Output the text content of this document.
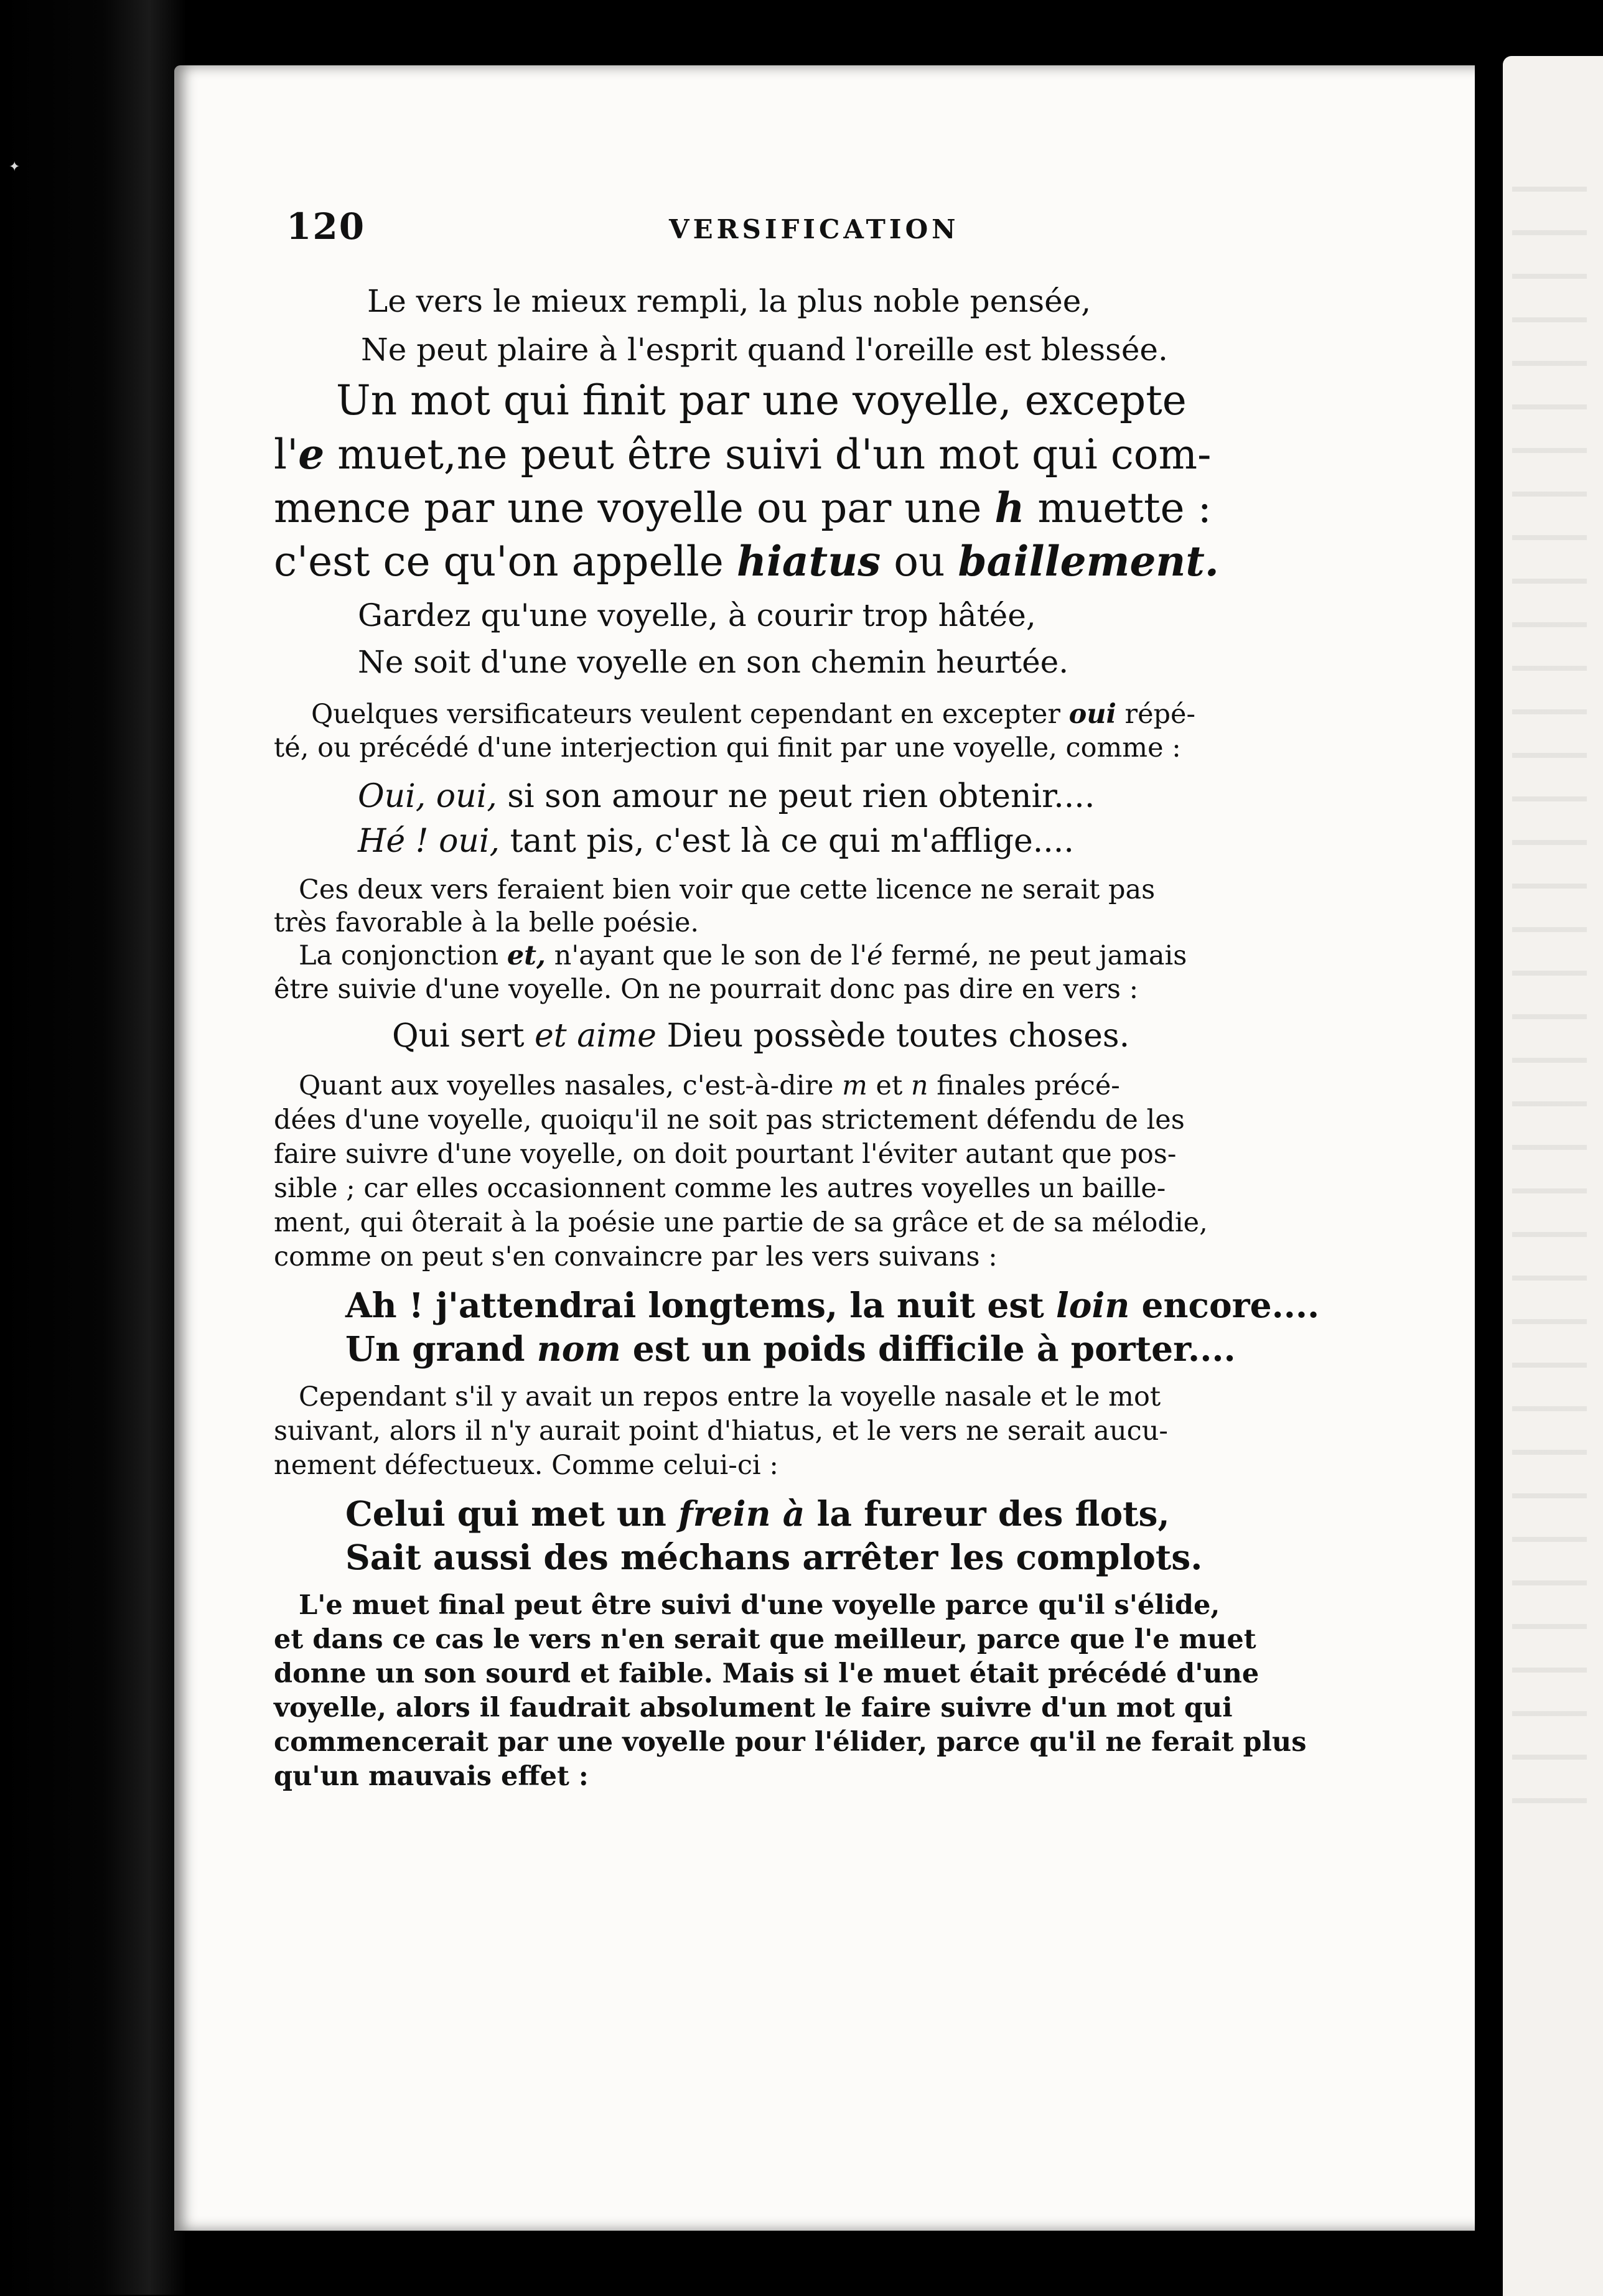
✦
120	VERSIFICATION
Le vers le mieux rempli, la plus noble pensée,
Ne peut plaire à l'esprit quand l'oreille est blessée.
Un mot qui finit par une voyelle, excepte
l'e muet,ne peut être suivi d'un mot qui com-
mence par une voyelle ou par une h muette :
c'est ce qu'on appelle hiatus ou baillement.
Gardez qu'une voyelle, à courir trop hâtée,
Ne soit d'une voyelle en son chemin heurtée.
Quelques versificateurs veulent cependant en excepter oui répé-
té, ou précédé d'une interjection qui finit par une voyelle, comme :
Oui, oui, si son amour ne peut rien obtenir....
Hé ! oui, tant pis, c'est là ce qui m'afflige....
Ces deux vers feraient bien voir que cette licence ne serait pas
très favorable à la belle poésie.
La conjonction et, n'ayant que le son de l'é fermé, ne peut jamais
être suivie d'une voyelle. On ne pourrait donc pas dire en vers :
Qui sert et aime Dieu possède toutes choses.
Quant aux voyelles nasales, c'est-à-dire m et n finales précé-
dées d'une voyelle, quoiqu'il ne soit pas strictement défendu de les
faire suivre d'une voyelle, on doit pourtant l'éviter autant que pos-
sible ; car elles occasionnent comme les autres voyelles un baille-
ment, qui ôterait à la poésie une partie de sa grâce et de sa mélodie,
comme on peut s'en convaincre par les vers suivans :
Ah ! j'attendrai longtems, la nuit est loin encore....
Un grand nom est un poids difficile à porter....
Cependant s'il y avait un repos entre la voyelle nasale et le mot
suivant, alors il n'y aurait point d'hiatus, et le vers ne serait aucu-
nement défectueux. Comme celui-ci :
Celui qui met un frein à la fureur des flots,
Sait aussi des méchans arrêter les complots.
L'e muet final peut être suivi d'une voyelle parce qu'il s'élide,
et dans ce cas le vers n'en serait que meilleur, parce que l'e muet
donne un son sourd et faible. Mais si l'e muet était précédé d'une
voyelle, alors il faudrait absolument le faire suivre d'un mot qui
commencerait par une voyelle pour l'élider, parce qu'il ne ferait plus
qu'un mauvais effet :
